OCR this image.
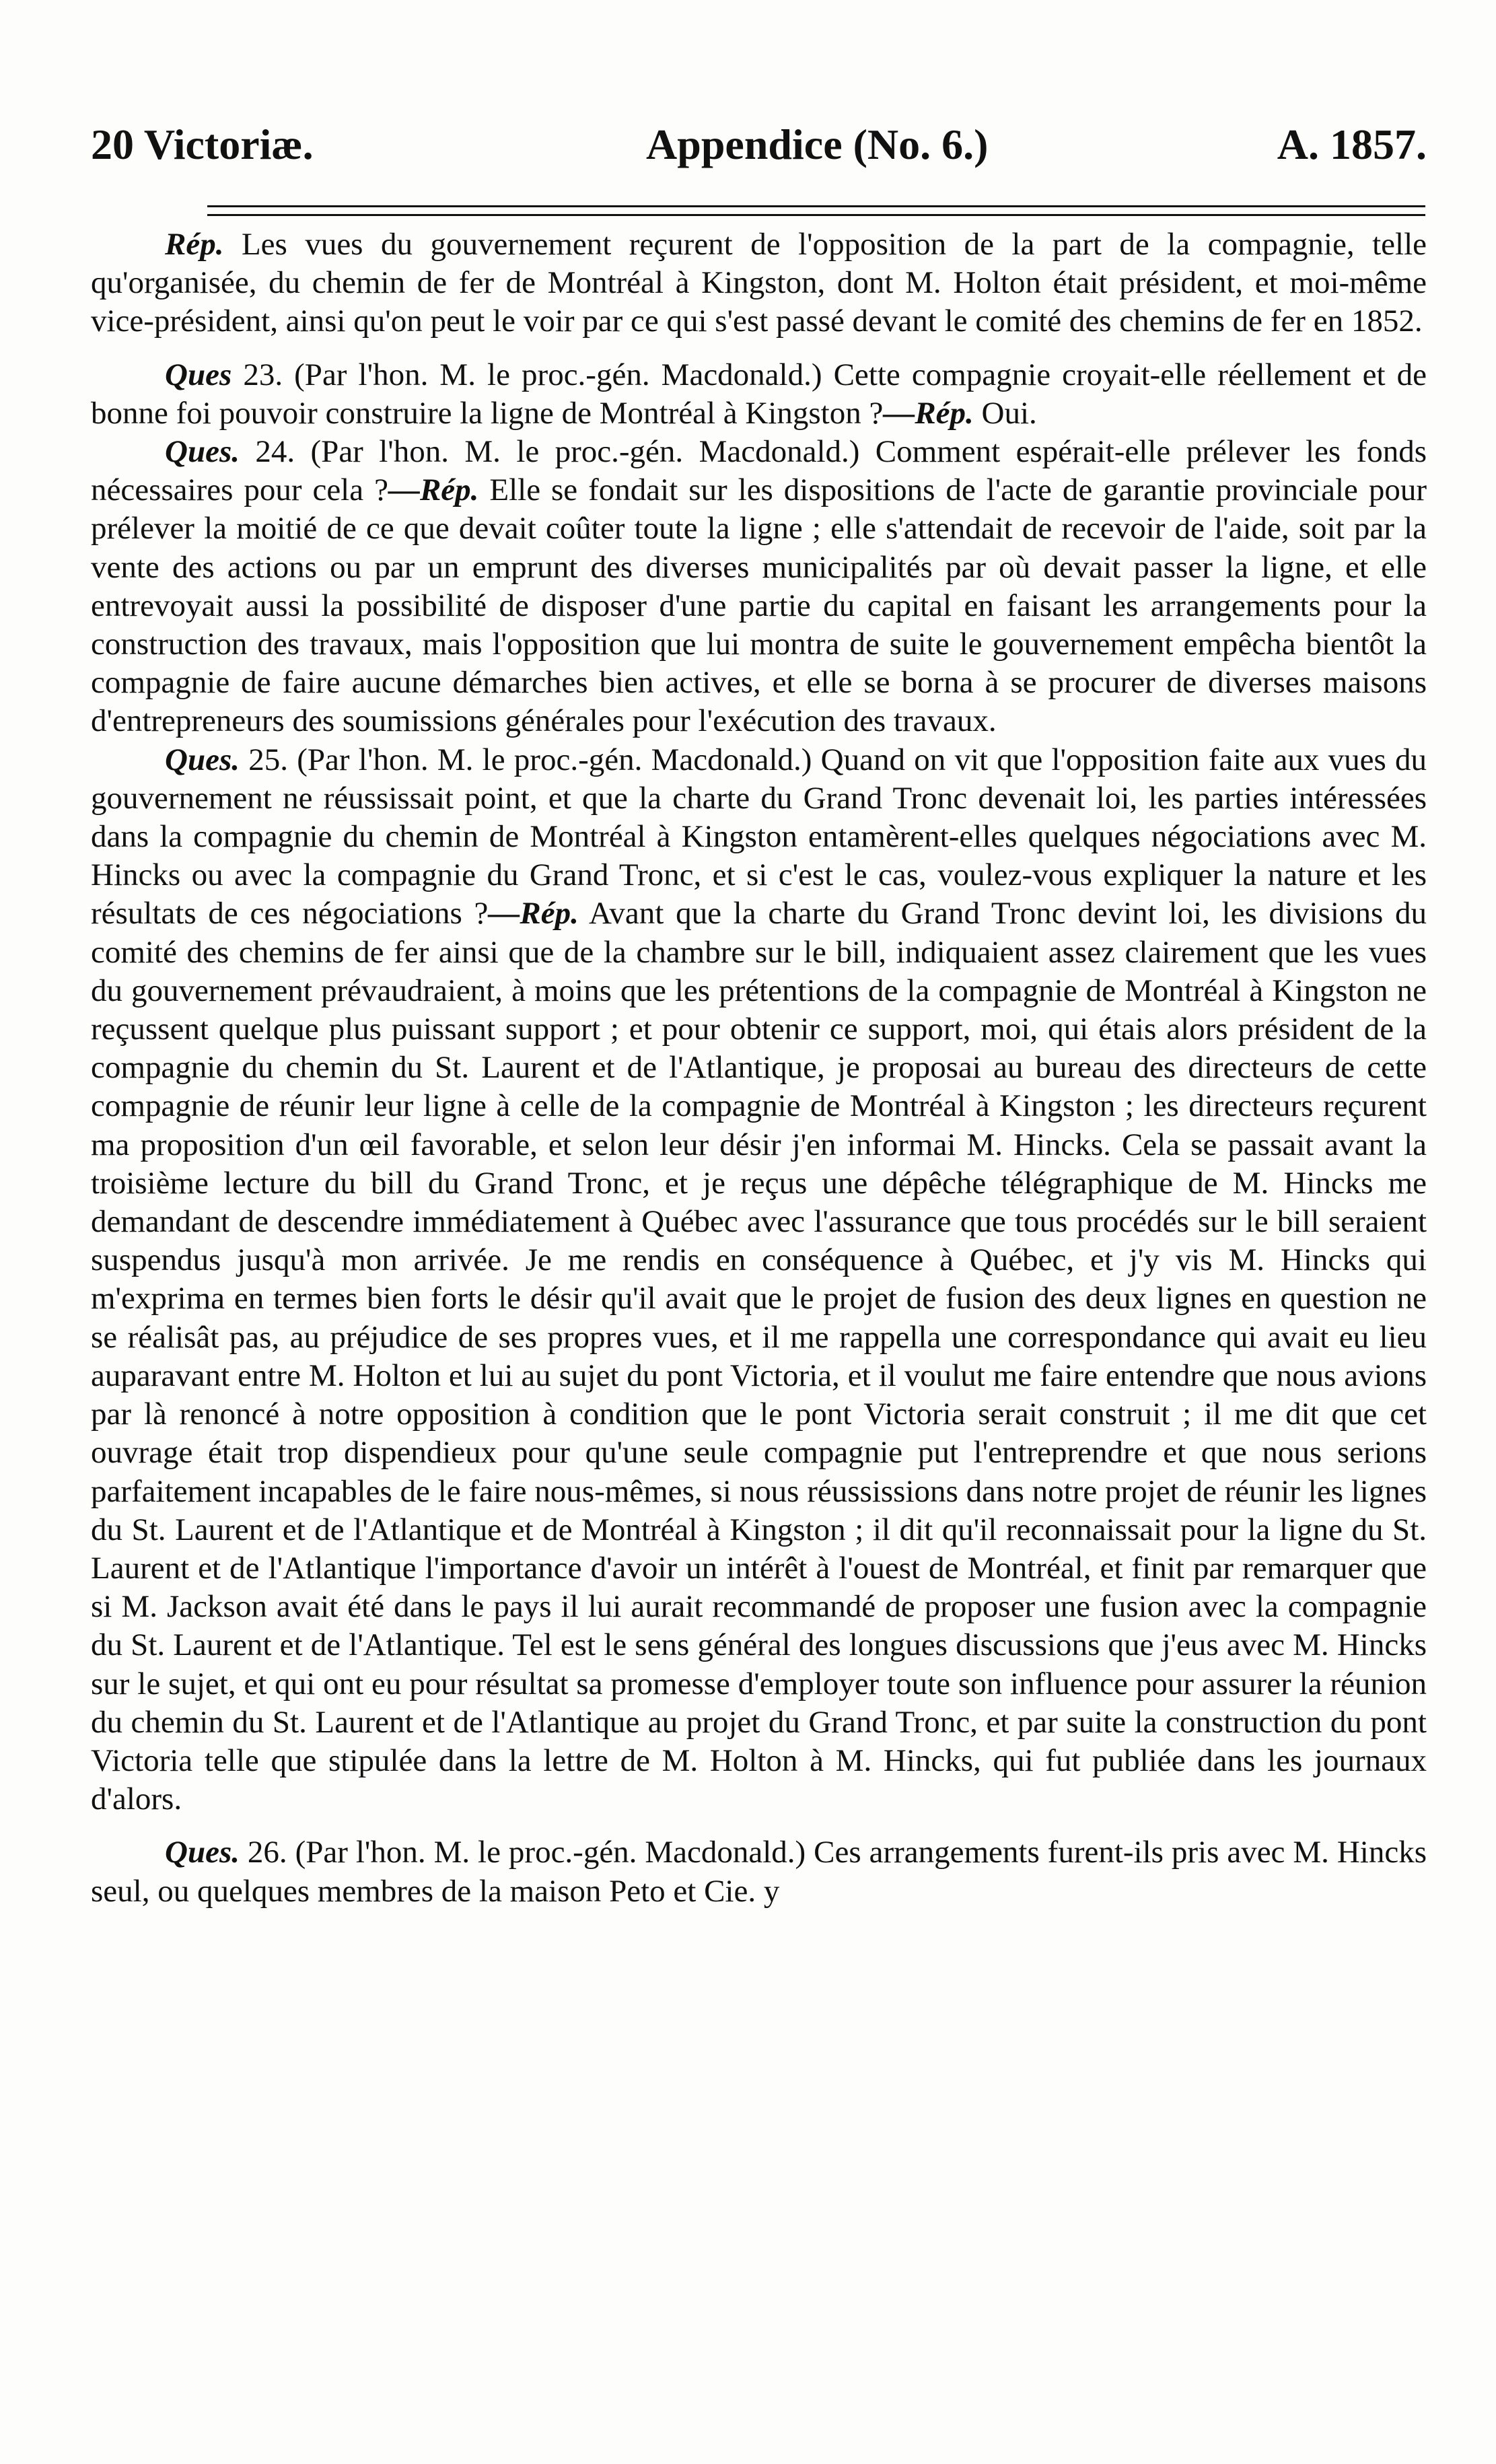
20 Victoriæ.	Appendice (No. 6.)	A. 1857.

Rép. Les vues du gouvernement reçurent de l'opposition de la part de la compagnie, telle qu'organisée, du chemin de fer de Montréal à Kingston, dont M. Holton était président, et moi-même vice-président, ainsi qu'on peut le voir par ce qui s'est passé devant le comité des chemins de fer en 1852.

Ques 23. (Par l'hon. M. le proc.-gén. Macdonald.) Cette compagnie croyait-elle réellement et de bonne foi pouvoir construire la ligne de Montréal à Kingston ?—Rép. Oui.

Ques. 24. (Par l'hon. M. le proc.-gén. Macdonald.) Comment espérait-elle prélever les fonds nécessaires pour cela ?—Rép. Elle se fondait sur les dispositions de l'acte de garantie provinciale pour prélever la moitié de ce que devait coûter toute la ligne ; elle s'attendait de recevoir de l'aide, soit par la vente des actions ou par un emprunt des diverses municipalités par où devait passer la ligne, et elle entrevoyait aussi la possibilité de disposer d'une partie du capital en faisant les arrangements pour la construction des travaux, mais l'opposition que lui montra de suite le gouvernement empêcha bientôt la compagnie de faire aucune démarches bien actives, et elle se borna à se procurer de diverses maisons d'entrepreneurs des soumissions générales pour l'exécution des travaux.

Ques. 25. (Par l'hon. M. le proc.-gén. Macdonald.) Quand on vit que l'opposition faite aux vues du gouvernement ne réussissait point, et que la charte du Grand Tronc devenait loi, les parties intéressées dans la compagnie du chemin de Montréal à Kingston entamèrent-elles quelques négociations avec M. Hincks ou avec la compagnie du Grand Tronc, et si c'est le cas, voulez-vous expliquer la nature et les résultats de ces négociations ?—Rép. Avant que la charte du Grand Tronc devint loi, les divisions du comité des chemins de fer ainsi que de la chambre sur le bill, indiquaient assez clairement que les vues du gouvernement prévaudraient, à moins que les prétentions de la compagnie de Montréal à Kingston ne reçussent quelque plus puissant support ; et pour obtenir ce support, moi, qui étais alors président de la compagnie du chemin du St. Laurent et de l'Atlantique, je proposai au bureau des directeurs de cette compagnie de réunir leur ligne à celle de la compagnie de Montréal à Kingston ; les directeurs reçurent ma proposition d'un œil favorable, et selon leur désir j'en informai M. Hincks. Cela se passait avant la troisième lecture du bill du Grand Tronc, et je reçus une dépêche télégraphique de M. Hincks me demandant de descendre immédiatement à Québec avec l'assurance que tous procédés sur le bill seraient suspendus jusqu'à mon arrivée. Je me rendis en conséquence à Québec, et j'y vis M. Hincks qui m'exprima en termes bien forts le désir qu'il avait que le projet de fusion des deux lignes en question ne se réalisât pas, au préjudice de ses propres vues, et il me rappella une correspondance qui avait eu lieu auparavant entre M. Holton et lui au sujet du pont Victoria, et il voulut me faire entendre que nous avions par là renoncé à notre opposition à condition que le pont Victoria serait construit ; il me dit que cet ouvrage était trop dispendieux pour qu'une seule compagnie put l'entreprendre et que nous serions parfaitement incapables de le faire nous-mêmes, si nous réussissions dans notre projet de réunir les lignes du St. Laurent et de l'Atlantique et de Montréal à Kingston ; il dit qu'il reconnaissait pour la ligne du St. Laurent et de l'Atlantique l'importance d'avoir un intérêt à l'ouest de Montréal, et finit par remarquer que si M. Jackson avait été dans le pays il lui aurait recommandé de proposer une fusion avec la compagnie du St. Laurent et de l'Atlantique. Tel est le sens général des longues discussions que j'eus avec M. Hincks sur le sujet, et qui ont eu pour résultat sa promesse d'employer toute son influence pour assurer la réunion du chemin du St. Laurent et de l'Atlantique au projet du Grand Tronc, et par suite la construction du pont Victoria telle que stipulée dans la lettre de M. Holton à M. Hincks, qui fut publiée dans les journaux d'alors.

Ques. 26. (Par l'hon. M. le proc.-gén. Macdonald.) Ces arrangements furent-ils pris avec M. Hincks seul, ou quelques membres de la maison Peto et Cie. y
